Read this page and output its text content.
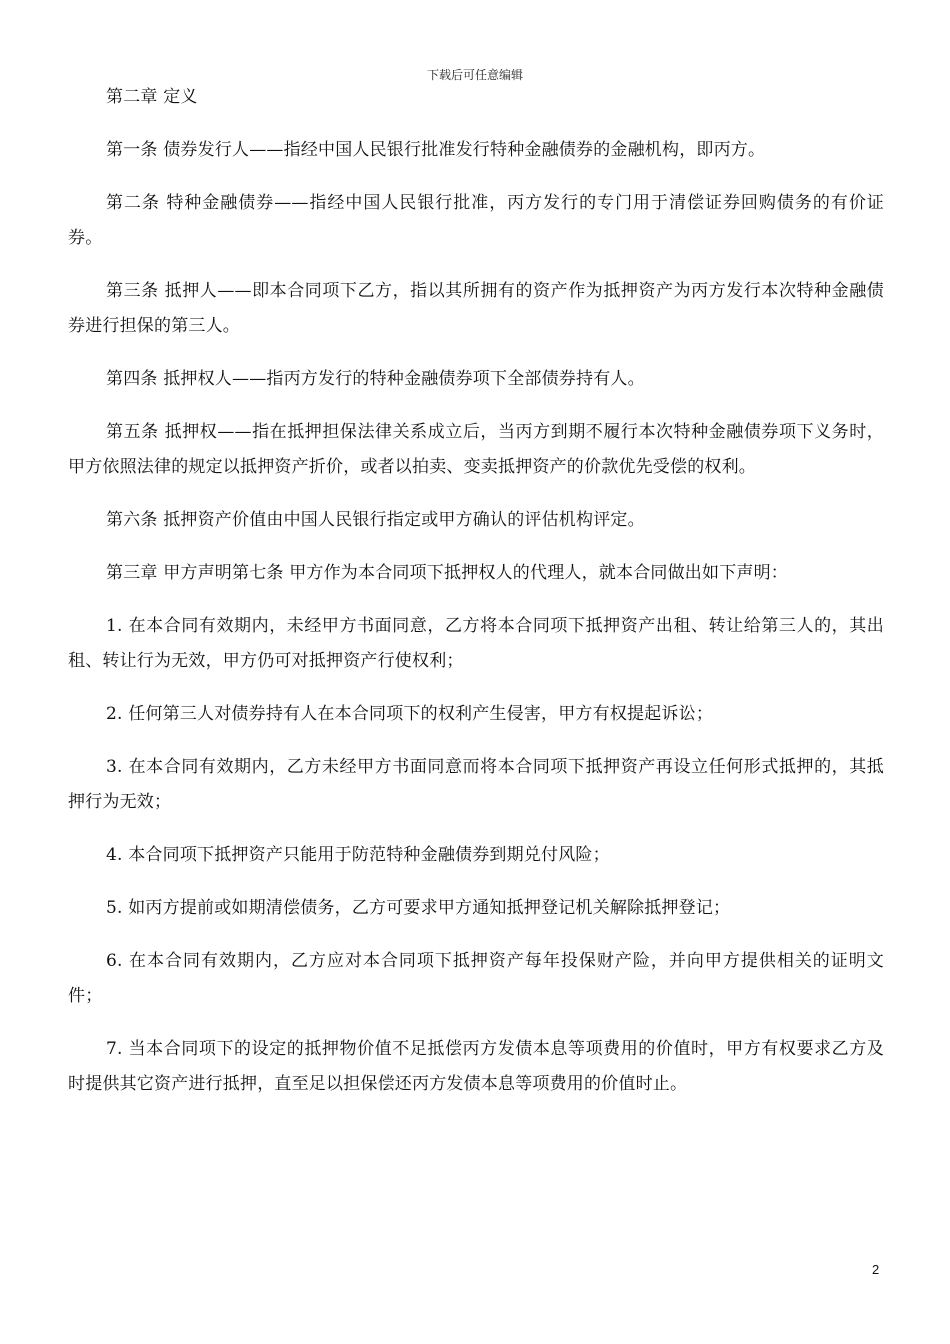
下载后可任意编辑

第二章 定义

第一条 债券发行人——指经中国人民银行批准发行特种金融债券的金融机构，即丙方。

第二条 特种金融债券——指经中国人民银行批准，丙方发行的专门用于清偿证券回购债务的有价证券。

第三条 抵押人——即本合同项下乙方，指以其所拥有的资产作为抵押资产为丙方发行本次特种金融债券进行担保的第三人。

第四条 抵押权人——指丙方发行的特种金融债券项下全部债券持有人。

第五条 抵押权——指在抵押担保法律关系成立后，当丙方到期不履行本次特种金融债券项下义务时，甲方依照法律的规定以抵押资产折价，或者以拍卖、变卖抵押资产的价款优先受偿的权利。

第六条 抵押资产价值由中国人民银行指定或甲方确认的评估机构评定。

第三章 甲方声明第七条 甲方作为本合同项下抵押权人的代理人，就本合同做出如下声明：

1. 在本合同有效期内，未经甲方书面同意，乙方将本合同项下抵押资产出租、转让给第三人的，其出租、转让行为无效，甲方仍可对抵押资产行使权利；

2. 任何第三人对债券持有人在本合同项下的权利产生侵害，甲方有权提起诉讼；

3. 在本合同有效期内，乙方未经甲方书面同意而将本合同项下抵押资产再设立任何形式抵押的，其抵押行为无效；

4. 本合同项下抵押资产只能用于防范特种金融债券到期兑付风险；

5. 如丙方提前或如期清偿债务，乙方可要求甲方通知抵押登记机关解除抵押登记；

6. 在本合同有效期内，乙方应对本合同项下抵押资产每年投保财产险，并向甲方提供相关的证明文件；

7. 当本合同项下的设定的抵押物价值不足抵偿丙方发债本息等项费用的价值时，甲方有权要求乙方及时提供其它资产进行抵押，直至足以担保偿还丙方发债本息等项费用的价值时止。

2
